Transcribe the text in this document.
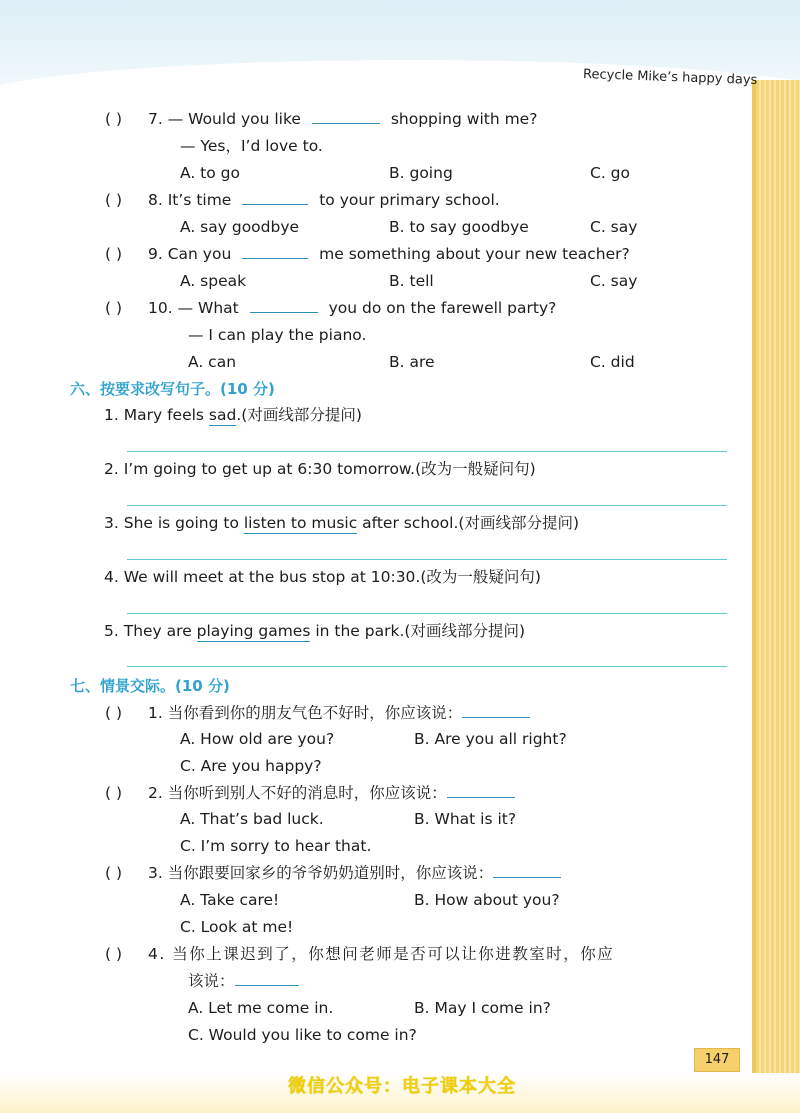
Recycle Mike’s happy days
( ) 7. — Would you like	shopping with me?
— Yes，I’d love to.
A. to go	B. going	C. go
( ) 8. It’s time	to your primary school.
A. say goodbye	B. to say goodbye	C. say
( ) 9. Can you	me something about your new teacher?
A. speak	B. tell	C. say
( ) 10. — What	you do on the farewell party?
— I can play the piano.
A. can	B. are	C. did
六、按要求改写句子。(10 分)
1. Mary feels sad.(对画线部分提问)
2. I’m going to get up at 6:30 tomorrow.(改为一般疑问句)
3. She is going to listen to music after school.(对画线部分提问)
4. We will meet at the bus stop at 10:30.(改为一般疑问句)
5. They are playing games in the park.(对画线部分提问)
七、情景交际。(10 分)
( ) 1. 当你看到你的朋友气色不好时，你应该说：
A. How old are you?	B. Are you all right?
C. Are you happy?
( ) 2. 当你听到别人不好的消息时，你应该说：
A. That’s bad luck.	B. What is it?
C. I’m sorry to hear that.
( ) 3. 当你跟要回家乡的爷爷奶奶道别时，你应该说：
A. Take care!	B. How about you?
C. Look at me!
( ) 4. 当你上课迟到了，你想问老师是否可以让你进教室时，你应
该说：
A. Let me come in.	B. May I come in?
C. Would you like to come in?
147
微信公众号：电子课本大全
